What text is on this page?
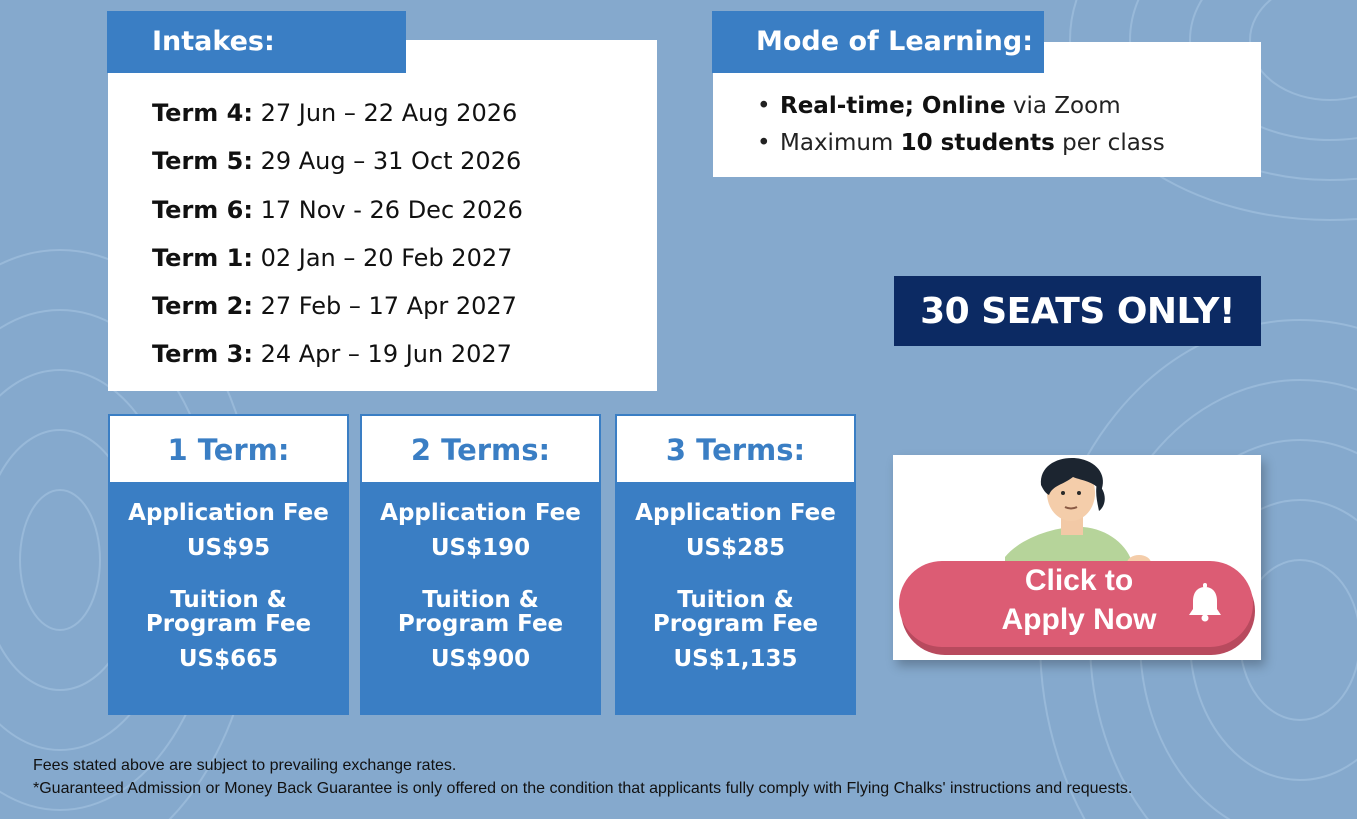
Intakes:
Term 4: 27 Jun – 22 Aug 2026
Term 5: 29 Aug – 31 Oct 2026
Term 6: 17 Nov - 26 Dec 2026
Term 1: 02 Jan – 20 Feb 2027
Term 2: 27 Feb – 17 Apr 2027
Term 3: 24 Apr – 19 Jun 2027
Mode of Learning:
• Real-time; Online via Zoom
• Maximum 10 students per class
30 SEATS ONLY!
1 Term:
Application Fee
US$95
Tuition &
Program Fee
US$665
2 Terms:
Application Fee
US$190
Tuition &
Program Fee
US$900
3 Terms:
Application Fee
US$285
Tuition &
Program Fee
US$1,135
Click to
Apply Now
Fees stated above are subject to prevailing exchange rates.
*Guaranteed Admission or Money Back Guarantee is only offered on the condition that applicants fully comply with Flying Chalks' instructions and requests.
